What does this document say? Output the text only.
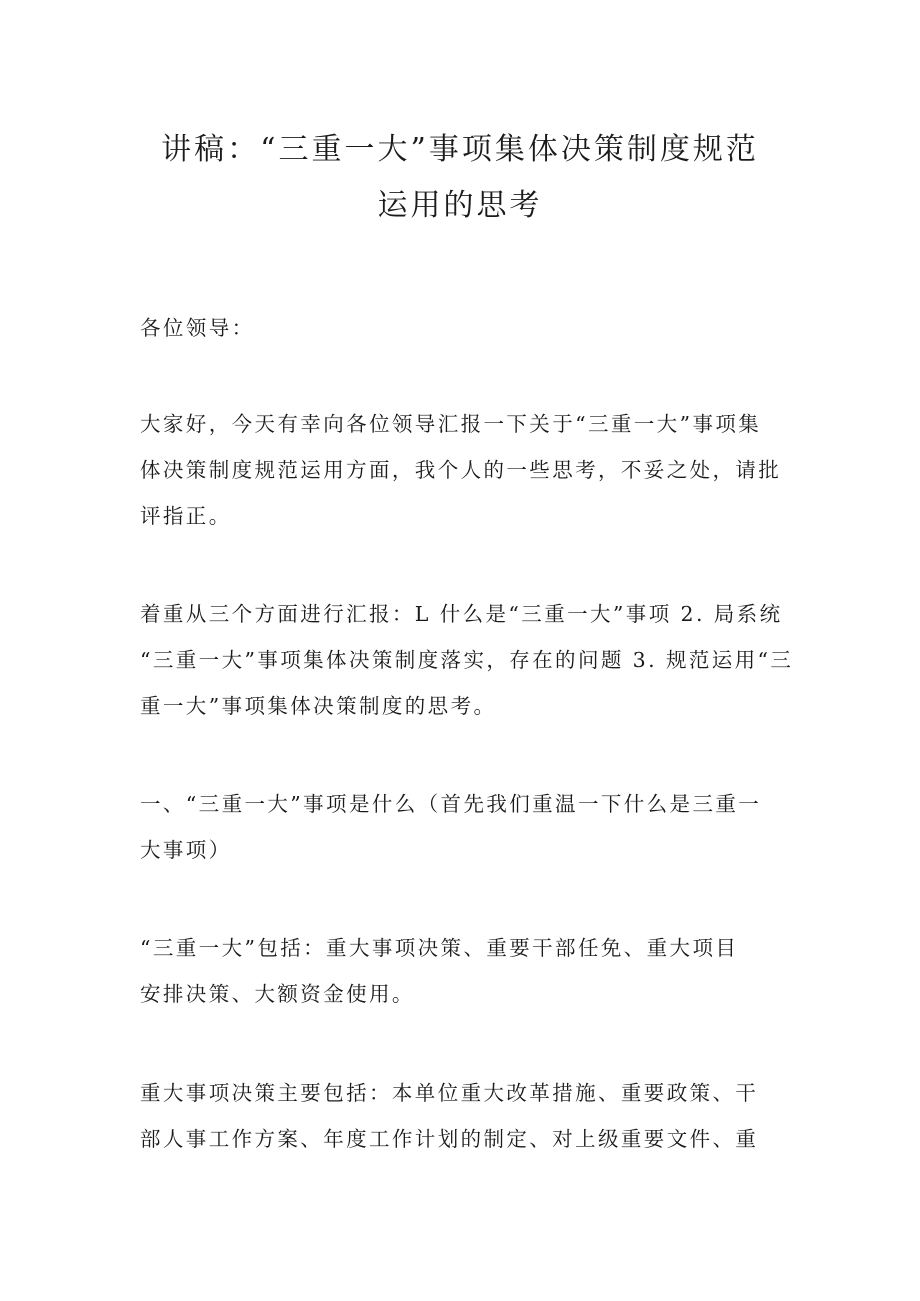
讲稿：“三重一大”事项集体决策制度规范
运用的思考

各位领导：

大家好，今天有幸向各位领导汇报一下关于“三重一大”事项集
体决策制度规范运用方面，我个人的一些思考，不妥之处，请批
评指正。

着重从三个方面进行汇报：L 什么是“三重一大”事项 2. 局系统
“三重一大”事项集体决策制度落实，存在的问题 3. 规范运用“三
重一大”事项集体决策制度的思考。

一、“三重一大”事项是什么（首先我们重温一下什么是三重一
大事项）

“三重一大”包括：重大事项决策、重要干部任免、重大项目
安排决策、大额资金使用。

重大事项决策主要包括：本单位重大改革措施、重要政策、干
部人事工作方案、年度工作计划的制定、对上级重要文件、重
